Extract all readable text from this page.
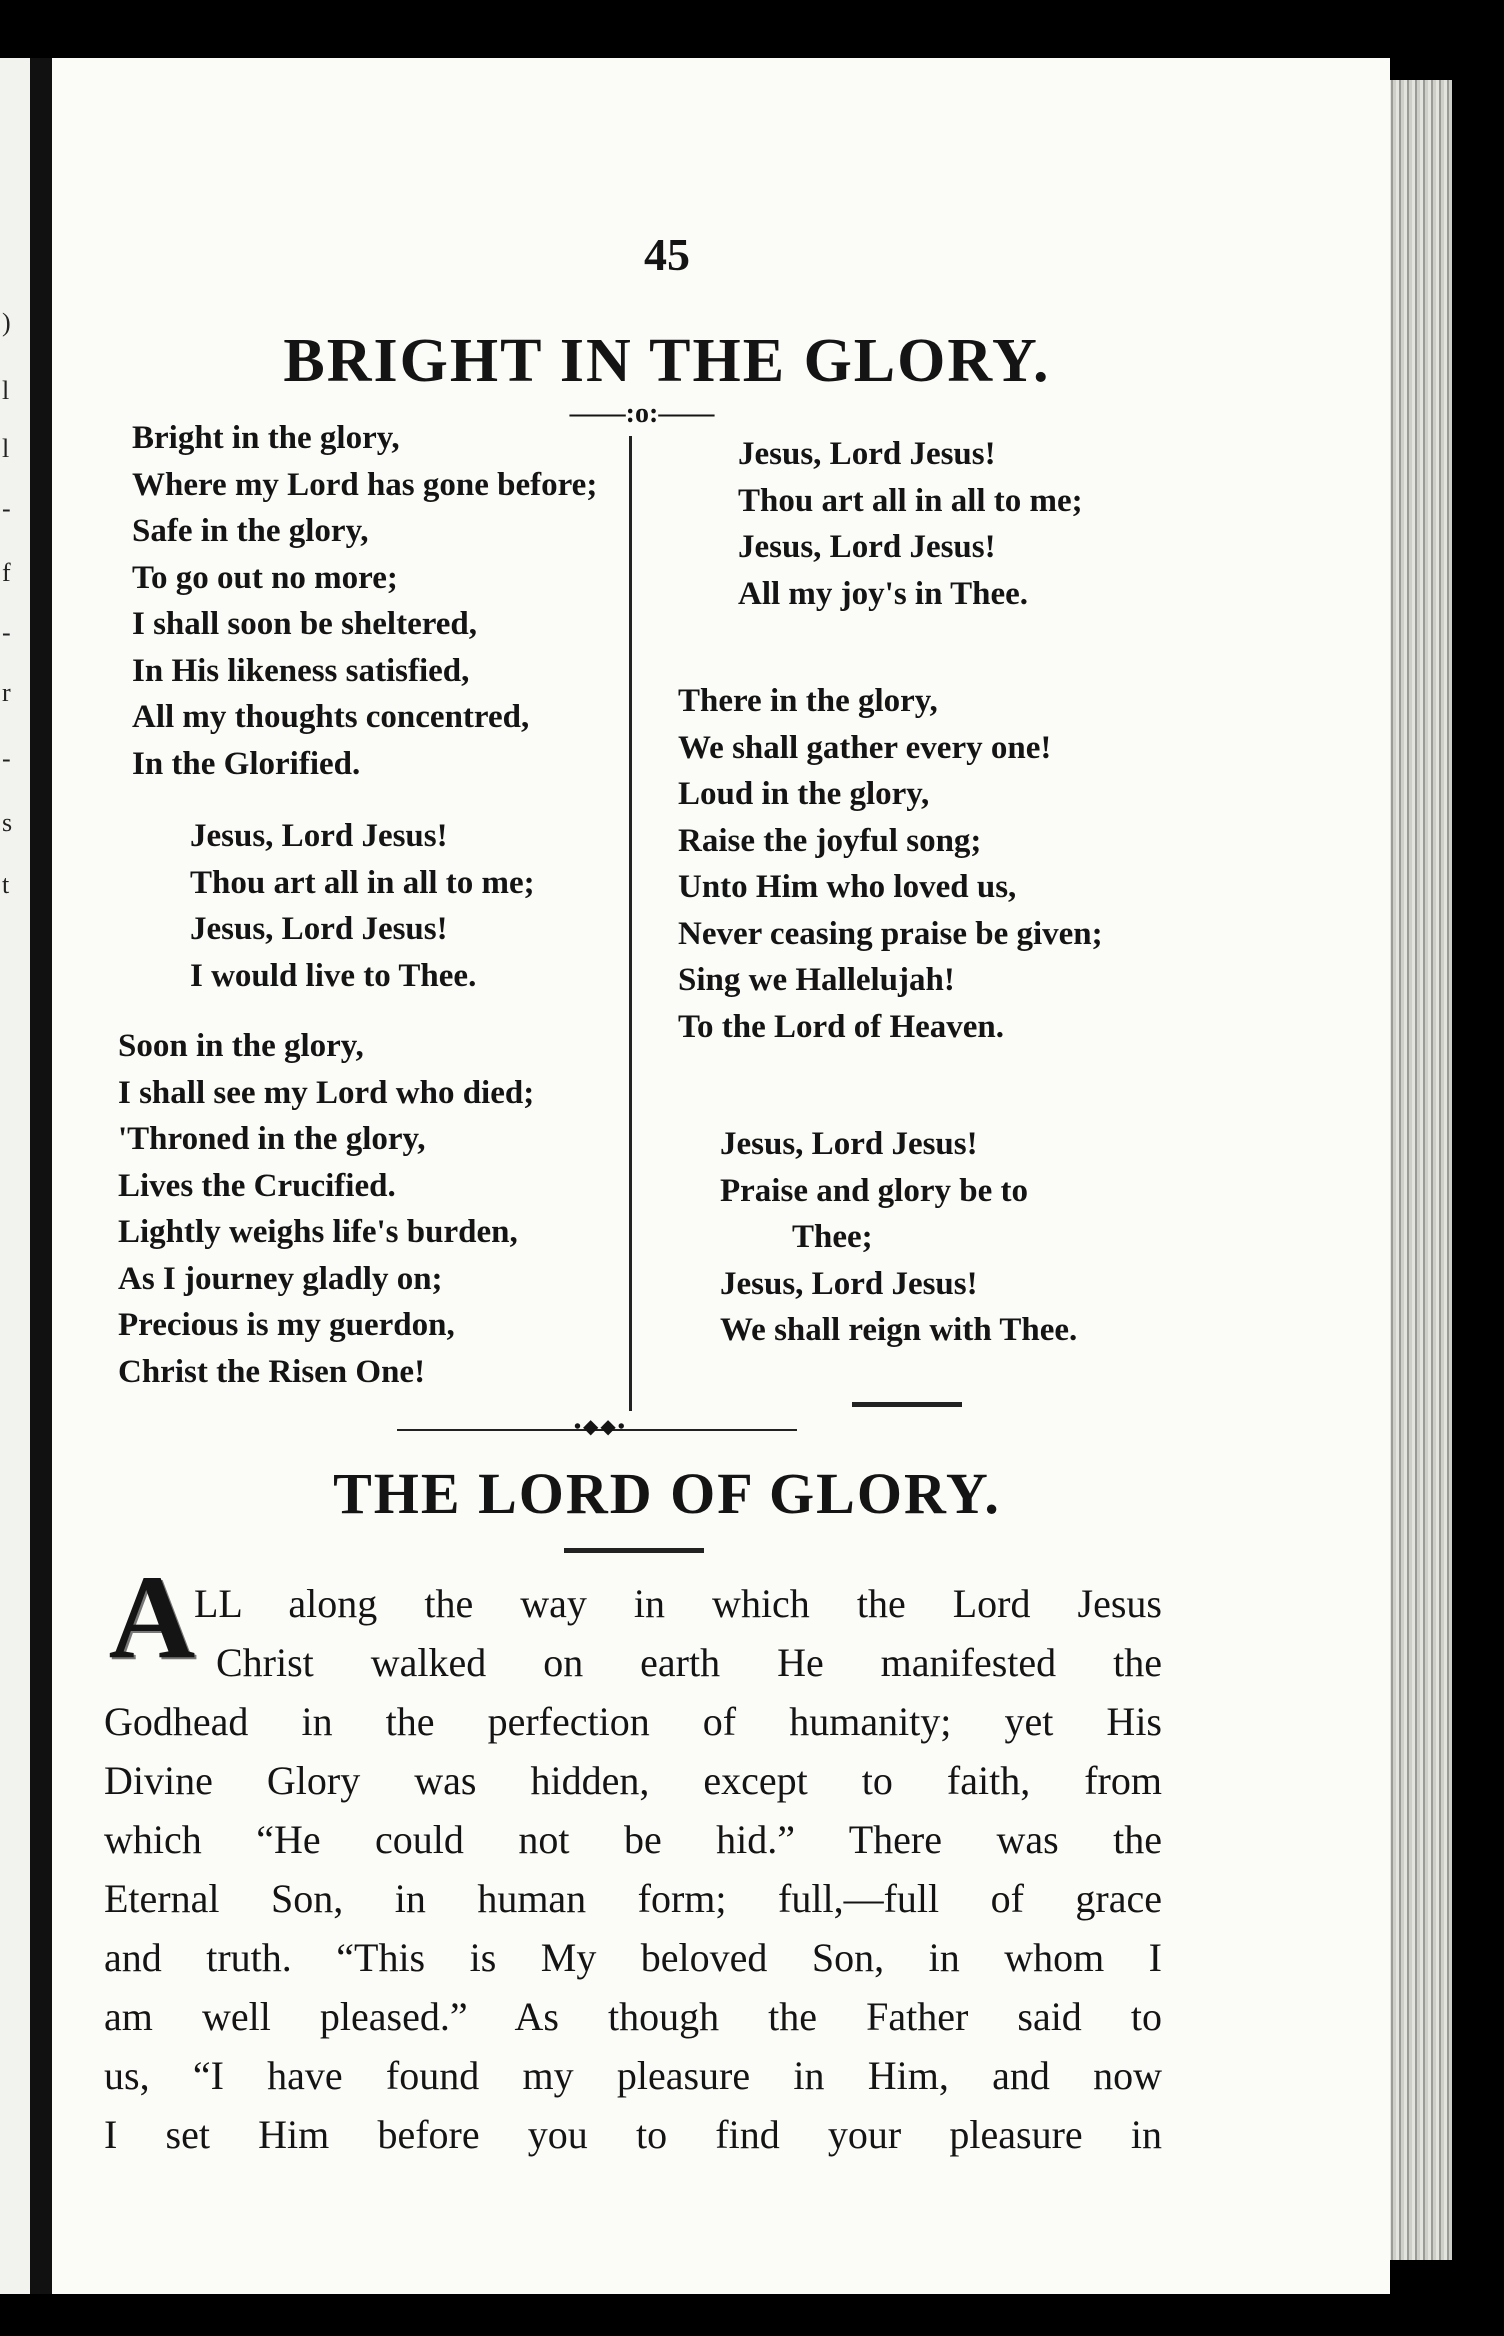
)
l
l
-
f
-
r
-
s
t
45
BRIGHT IN THE GLORY.
——:o:——
Bright in the glory,
Where my Lord has gone before;
Safe in the glory,
To go out no more;
I shall soon be sheltered,
In His likeness satisfied,
All my thoughts concentred,
In the Glorified.
Jesus, Lord Jesus!
Thou art all in all to me;
Jesus, Lord Jesus!
I would live to Thee.
Soon in the glory,
I shall see my Lord who died;
'Throned in the glory,
Lives the Crucified.
Lightly weighs life's burden,
As I journey gladly on;
Precious is my guerdon,
Christ the Risen One!
Jesus, Lord Jesus!
Thou art all in all to me;
Jesus, Lord Jesus!
All my joy's in Thee.
There in the glory,
We shall gather every one!
Loud in the glory,
Raise the joyful song;
Unto Him who loved us,
Never ceasing praise be given;
Sing we Hallelujah!
To the Lord of Heaven.
Jesus, Lord Jesus!
Praise and glory be to
Thee;
Jesus, Lord Jesus!
We shall reign with Thee.
•◆◆•
THE LORD OF GLORY.
A
LL along the way in which the Lord Jesus
Christ walked on earth He manifested the
Godhead in the perfection of humanity; yet His
Divine Glory was hidden, except to faith, from
which “He could not be hid.” There was the
Eternal Son, in human form; full,—full of grace
and truth. “This is My beloved Son, in whom I
am well pleased.” As though the Father said to
us, “I have found my pleasure in Him, and now
I set Him before you to find your pleasure in
